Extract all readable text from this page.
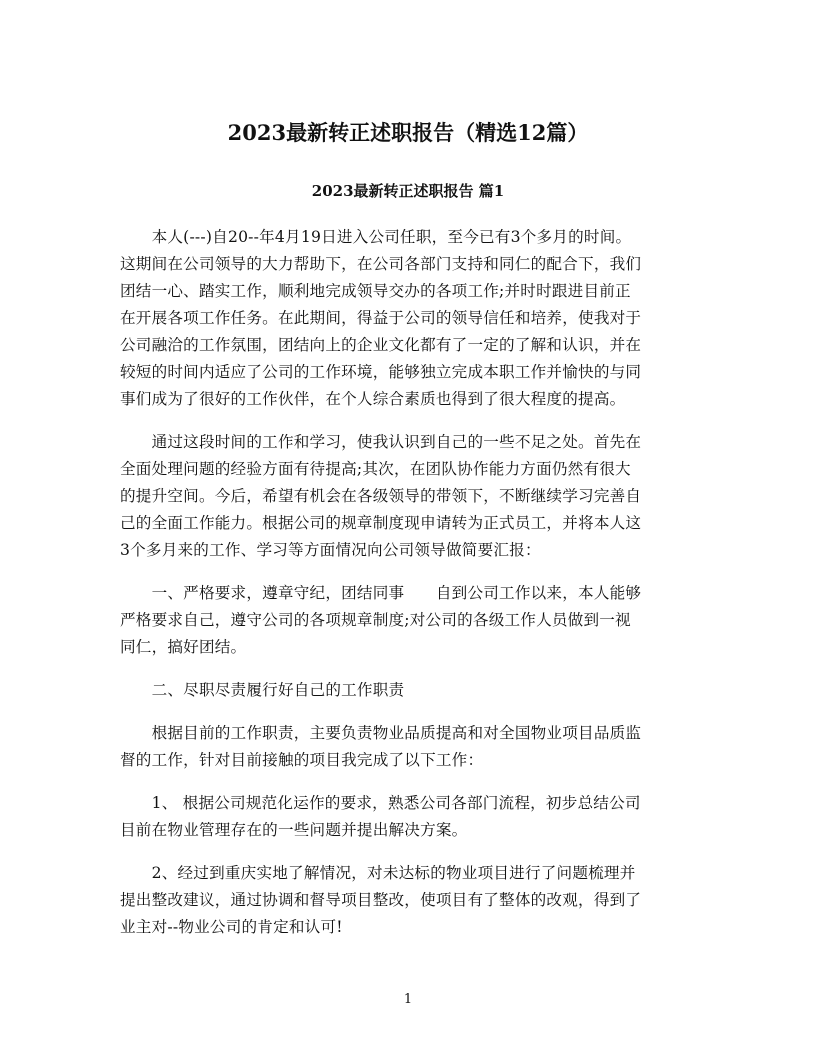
2023最新转正述职报告（精选12篇）
2023最新转正述职报告 篇1
　　本人(---)自20--年4月19日进入公司任职，至今已有3个多月的时间。
这期间在公司领导的大力帮助下，在公司各部门支持和同仁的配合下，我们
团结一心、踏实工作，顺利地完成领导交办的各项工作;并时时跟进目前正
在开展各项工作任务。在此期间，得益于公司的领导信任和培养，使我对于
公司融洽的工作氛围，团结向上的企业文化都有了一定的了解和认识，并在
较短的时间内适应了公司的工作环境，能够独立完成本职工作并愉快的与同
事们成为了很好的工作伙伴，在个人综合素质也得到了很大程度的提高。
　　通过这段时间的工作和学习，使我认识到自己的一些不足之处。首先在
全面处理问题的经验方面有待提高;其次，在团队协作能力方面仍然有很大
的提升空间。今后，希望有机会在各级领导的带领下，不断继续学习完善自
己的全面工作能力。根据公司的规章制度现申请转为正式员工，并将本人这
3个多月来的工作、学习等方面情况向公司领导做简要汇报：
　　一、严格要求，遵章守纪，团结同事　　自到公司工作以来，本人能够
严格要求自己，遵守公司的各项规章制度;对公司的各级工作人员做到一视
同仁，搞好团结。
　　二、尽职尽责履行好自己的工作职责
　　根据目前的工作职责，主要负责物业品质提高和对全国物业项目品质监
督的工作，针对目前接触的项目我完成了以下工作：
　　1、 根据公司规范化运作的要求，熟悉公司各部门流程，初步总结公司
目前在物业管理存在的一些问题并提出解决方案。
　　2、经过到重庆实地了解情况，对未达标的物业项目进行了问题梳理并
提出整改建议，通过协调和督导项目整改，使项目有了整体的改观，得到了
业主对--物业公司的肯定和认可!
1
